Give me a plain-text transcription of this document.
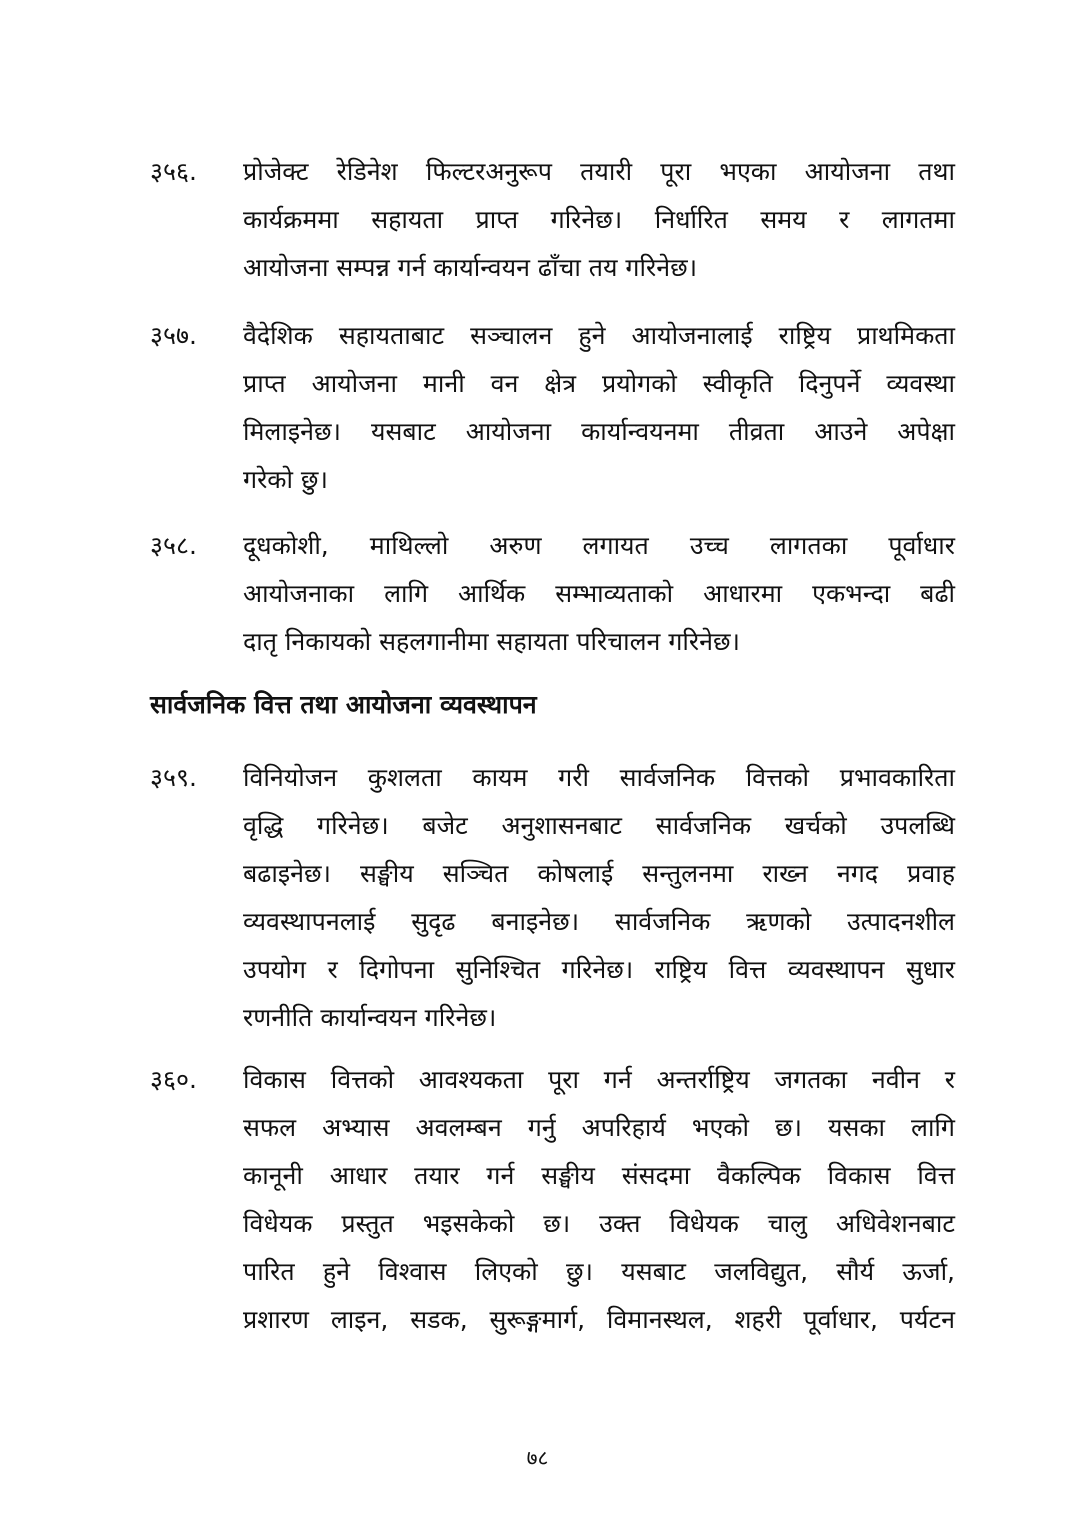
३५६.	प्रोजेक्ट रेडिनेश फिल्टरअनुरूप तयारी पूरा भएका आयोजना तथा
कार्यक्रममा सहायता प्राप्त गरिनेछ। निर्धारित समय र लागतमा
आयोजना सम्पन्न गर्न कार्यान्वयन ढाँचा तय गरिनेछ।
३५७.	वैदेशिक सहायताबाट सञ्चालन हुने आयोजनालाई राष्ट्रिय प्राथमिकता
प्राप्त आयोजना मानी वन क्षेत्र प्रयोगको स्वीकृति दिनुपर्ने व्यवस्था
मिलाइनेछ। यसबाट आयोजना कार्यान्वयनमा तीव्रता आउने अपेक्षा
गरेको छु।
३५८.	दूधकोशी, माथिल्लो अरुण लगायत उच्च लागतका पूर्वाधार
आयोजनाका लागि आर्थिक सम्भाव्यताको आधारमा एकभन्दा बढी
दातृ निकायको सहलगानीमा सहायता परिचालन गरिनेछ।
सार्वजनिक वित्त तथा आयोजना व्यवस्थापन
३५९.	विनियोजन कुशलता कायम गरी सार्वजनिक वित्तको प्रभावकारिता
वृद्धि गरिनेछ। बजेट अनुशासनबाट सार्वजनिक खर्चको उपलब्धि
बढाइनेछ। सङ्घीय सञ्चित कोषलाई सन्तुलनमा राख्न नगद प्रवाह
व्यवस्थापनलाई सुदृढ बनाइनेछ। सार्वजनिक ऋणको उत्पादनशील
उपयोग र दिगोपना सुनिश्चित गरिनेछ। राष्ट्रिय वित्त व्यवस्थापन सुधार
रणनीति कार्यान्वयन गरिनेछ।
३६०.	विकास वित्तको आवश्यकता पूरा गर्न अन्तर्राष्ट्रिय जगतका नवीन र
सफल अभ्यास अवलम्बन गर्नु अपरिहार्य भएको छ। यसका लागि
कानूनी आधार तयार गर्न सङ्घीय संसदमा वैकल्पिक विकास वित्त
विधेयक प्रस्तुत भइसकेको छ। उक्त विधेयक चालु अधिवेशनबाट
पारित हुने विश्वास लिएको छु। यसबाट जलविद्युत, सौर्य ऊर्जा,
प्रशारण लाइन, सडक, सुरूङ्गमार्ग, विमानस्थल, शहरी पूर्वाधार, पर्यटन
७८
